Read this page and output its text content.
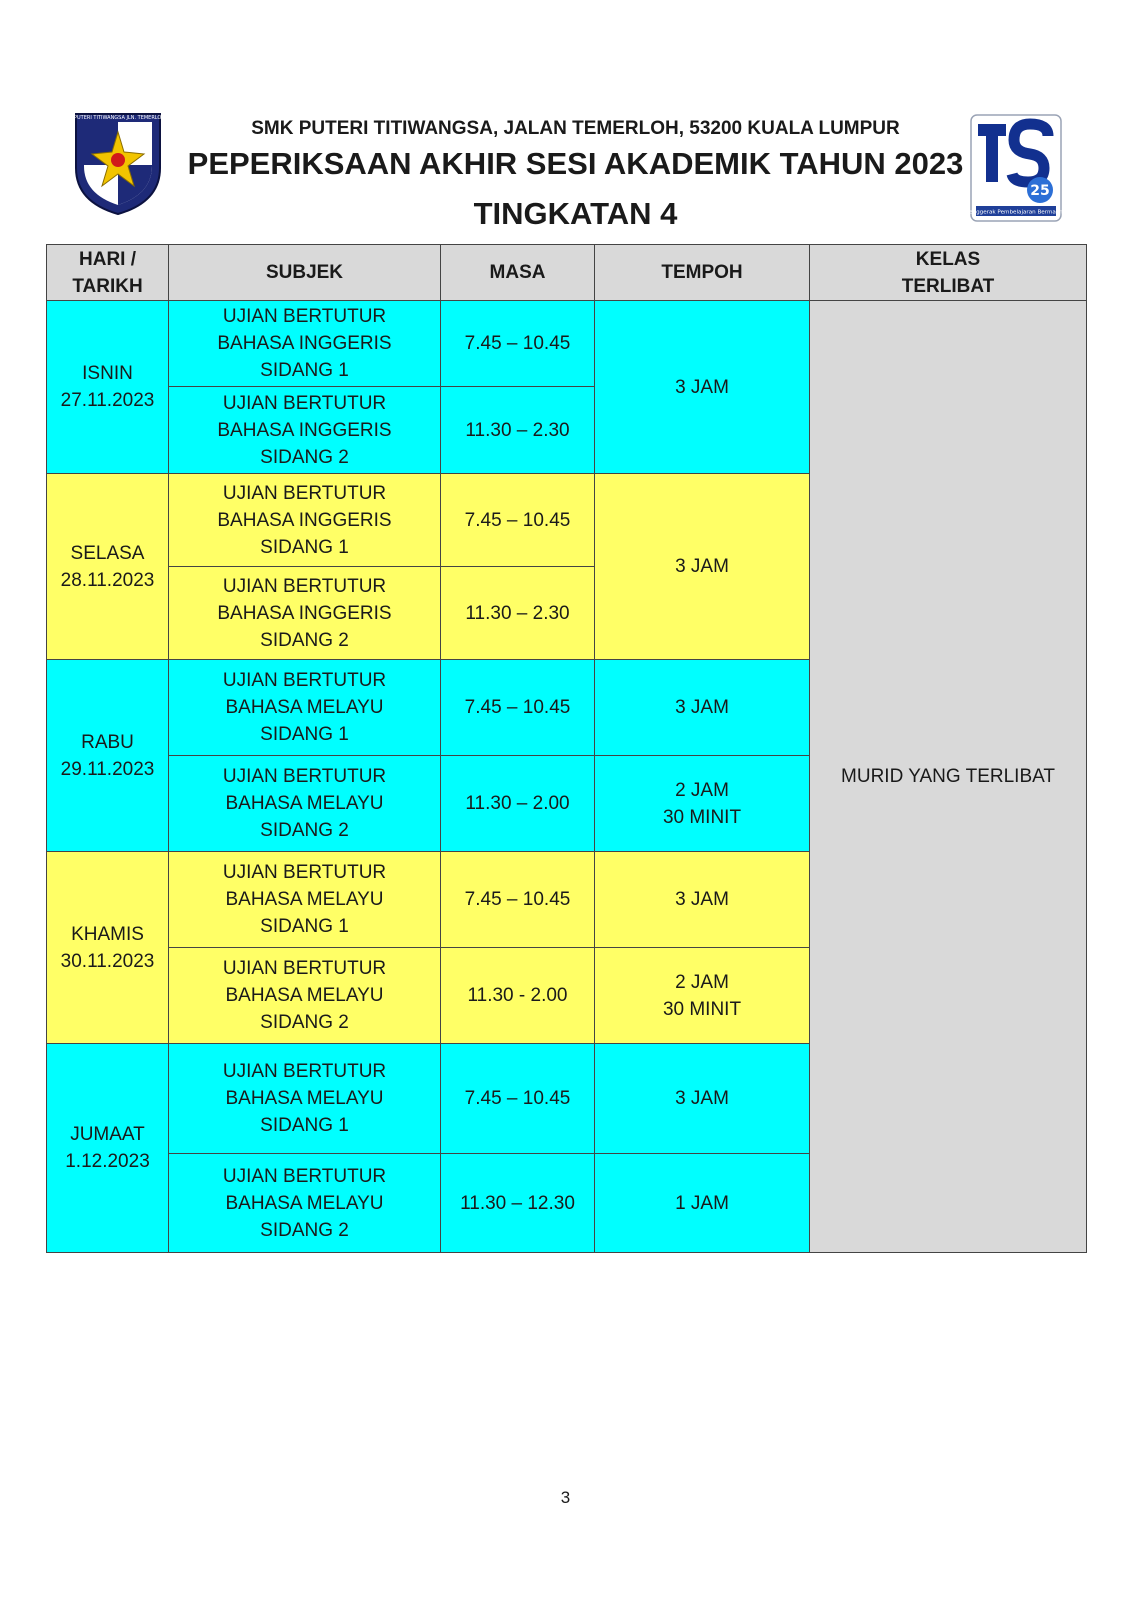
SMK PUTERI TITIWANGSA JLN. TEMERLOH, KL
25
Penggerak Pembelajaran Bermakna
SMK PUTERI TITIWANGSA, JALAN TEMERLOH, 53200 KUALA LUMPUR
PEPERIKSAAN AKHIR SESI AKADEMIK TAHUN 2023
TINGKATAN 4
HARI /
TARIKH	SUBJEK	MASA	TEMPOH	KELAS
TERLIBAT

ISNIN
27.11.2023	UJIAN BERTUTUR
BAHASA INGGERIS
SIDANG 1	7.45 – 10.45	3 JAM	MURID YANG TERLIBAT

	UJIAN BERTUTUR
BAHASA INGGERIS
SIDANG 2	11.30 – 2.30		

SELASA
28.11.2023	UJIAN BERTUTUR
BAHASA INGGERIS
SIDANG 1	7.45 – 10.45	3 JAM	

	UJIAN BERTUTUR
BAHASA INGGERIS
SIDANG 2	11.30 – 2.30		

RABU
29.11.2023	UJIAN BERTUTUR
BAHASA MELAYU
SIDANG 1	7.45 – 10.45	3 JAM	

	UJIAN BERTUTUR
BAHASA MELAYU
SIDANG 2	11.30 – 2.00	2 JAM
30 MINIT	

KHAMIS
30.11.2023	UJIAN BERTUTUR
BAHASA MELAYU
SIDANG 1	7.45 – 10.45	3 JAM	

	UJIAN BERTUTUR
BAHASA MELAYU
SIDANG 2	11.30 - 2.00	2 JAM
30 MINIT	

JUMAAT
1.12.2023	UJIAN BERTUTUR
BAHASA MELAYU
SIDANG 1	7.45 – 10.45	3 JAM	

	UJIAN BERTUTUR
BAHASA MELAYU
SIDANG 2	11.30 – 12.30	1 JAM	
3
